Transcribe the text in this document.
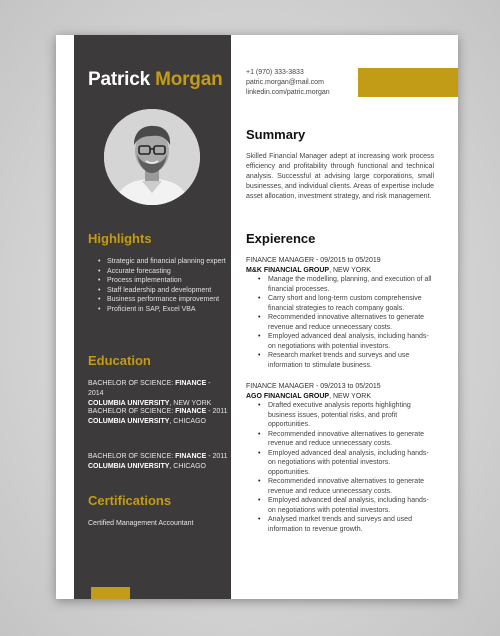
Patrick Morgan
Highlights
• Strategic and financial planning expert
• Accurate forecasting
• Process implementation
• Staff leadership and development
• Business performance improvement
• Proficient in SAP, Excel VBA
Education
BACHELOR OF SCIENCE: FINANCE - 2014
COLUMBIA UNIVERSITY, NEW YORK
BACHELOR OF SCIENCE: FINANCE - 2011
COLUMBIA UNIVERSITY, CHICAGO
BACHELOR OF SCIENCE: FINANCE - 2011
COLUMBIA UNIVERSITY, CHICAGO
Certifications
Certified Management Accountant
+1 (970) 333-3833
patric.morgan@mail.com
linkedin.com/patric.morgan
Summary
Skilled Financial Manager adept at increasing work process efficiency and profitability through functional and technical analysis. Successful at advising large corporations, small businesses, and individual clients. Areas of expertise include asset allocation, investment strategy, and risk management.
Expierence
FINANCE MANAGER - 09/2015 to 05/2019
M&K FINANCIAL GROUP, NEW YORK
• Manage the modelling, planning, and execution of all financial processes.
• Carry short and long-term custom comprehensive financial strategies to reach company goals.
• Recommended innovative alternatives to generate revenue and reduce unnecessary costs.
• Employed advanced deal analysis, including hands-on negotiations with potential investors.
• Research market trends and surveys and use information to stimulate business.
FINANCE MANAGER - 09/2013 to 05/2015
AGO FINANCIAL GROUP, NEW YORK
• Drafted executive analysis reports highlighting business issues, potential risks, and profit opportunities.
• Recommended innovative alternatives to generate revenue and reduce unnecessary costs.
• Employed advanced deal analysis, including hands-on negotiations with potential investors. opportunities.
• Recommended innovative alternatives to generate revenue and reduce unnecessary costs.
• Employed advanced deal analysis, including hands-on negotiations with potential investors.
• Analysed market trends and surveys and used information to revenue growth.
